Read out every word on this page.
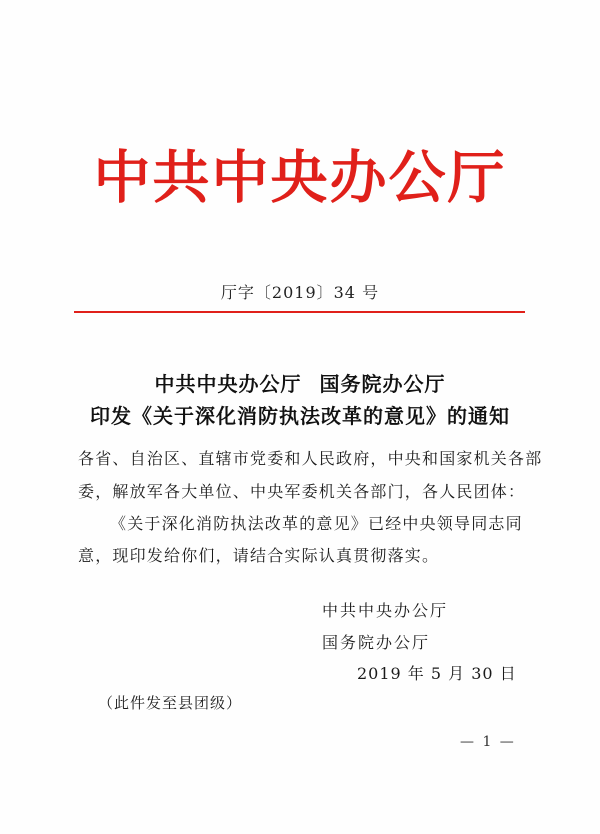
中共中央办公厅
厅字〔2019〕34 号
中共中央办公厅 国务院办公厅
印发《关于深化消防执法改革的意见》的通知
各省、自治区、直辖市党委和人民政府，中央和国家机关各部
委，解放军各大单位、中央军委机关各部门，各人民团体：
《关于深化消防执法改革的意见》已经中央领导同志同
意，现印发给你们，请结合实际认真贯彻落实。
中共中央办公厅
国务院办公厅
2019 年 5 月 30 日
（此件发至县团级）
— 1 —
